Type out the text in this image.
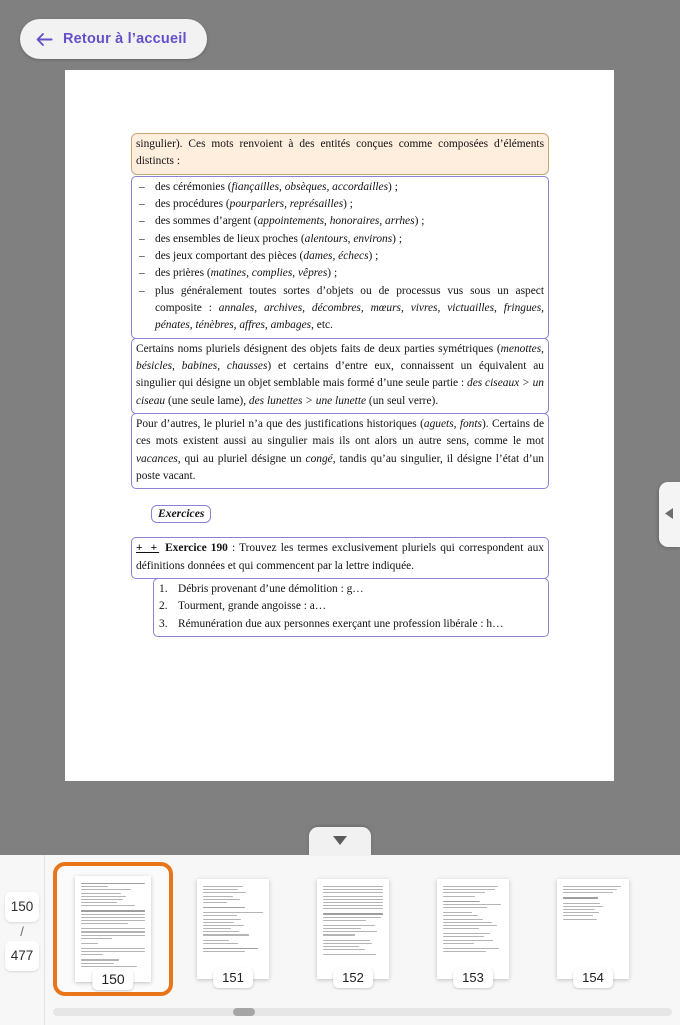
Retour à l’accueil

singulier). Ces mots renvoient à des entités conçues comme composées d’éléments distincts :

– des cérémonies (fiançailles, obsèques, accordailles) ;
– des procédures (pourparlers, représailles) ;
– des sommes d’argent (appointements, honoraires, arrhes) ;
– des ensembles de lieux proches (alentours, environs) ;
– des jeux comportant des pièces (dames, échecs) ;
– des prières (matines, complies, vêpres) ;
– plus généralement toutes sortes d’objets ou de processus vus sous un aspect composite : annales, archives, décombres, mœurs, vivres, victuailles, fringues, pénates, ténèbres, affres, ambages, etc.

Certains noms pluriels désignent des objets faits de deux parties symétriques (menottes, bésicles, babines, chausses) et certains d’entre eux, connaissent un équivalent au singulier qui désigne un objet semblable mais formé d’une seule partie : des ciseaux > un ciseau (une seule lame), des lunettes > une lunette (un seul verre).

Pour d’autres, le pluriel n’a que des justifications historiques (aguets, fonts). Certains de ces mots existent aussi au singulier mais ils ont alors un autre sens, comme le mot vacances, qui au pluriel désigne un congé, tandis qu’au singulier, il désigne l’état d’un poste vacant.

Exercices

+ + Exercice 190 : Trouvez les termes exclusivement pluriels qui correspondent aux définitions données et qui commencent par la lettre indiquée.

1. Débris provenant d’une démolition : g…
2. Tourment, grande angoisse : a…
3. Rémunération due aux personnes exerçant une profession libérale : h…
150
/
477
150	151	152	153	154
